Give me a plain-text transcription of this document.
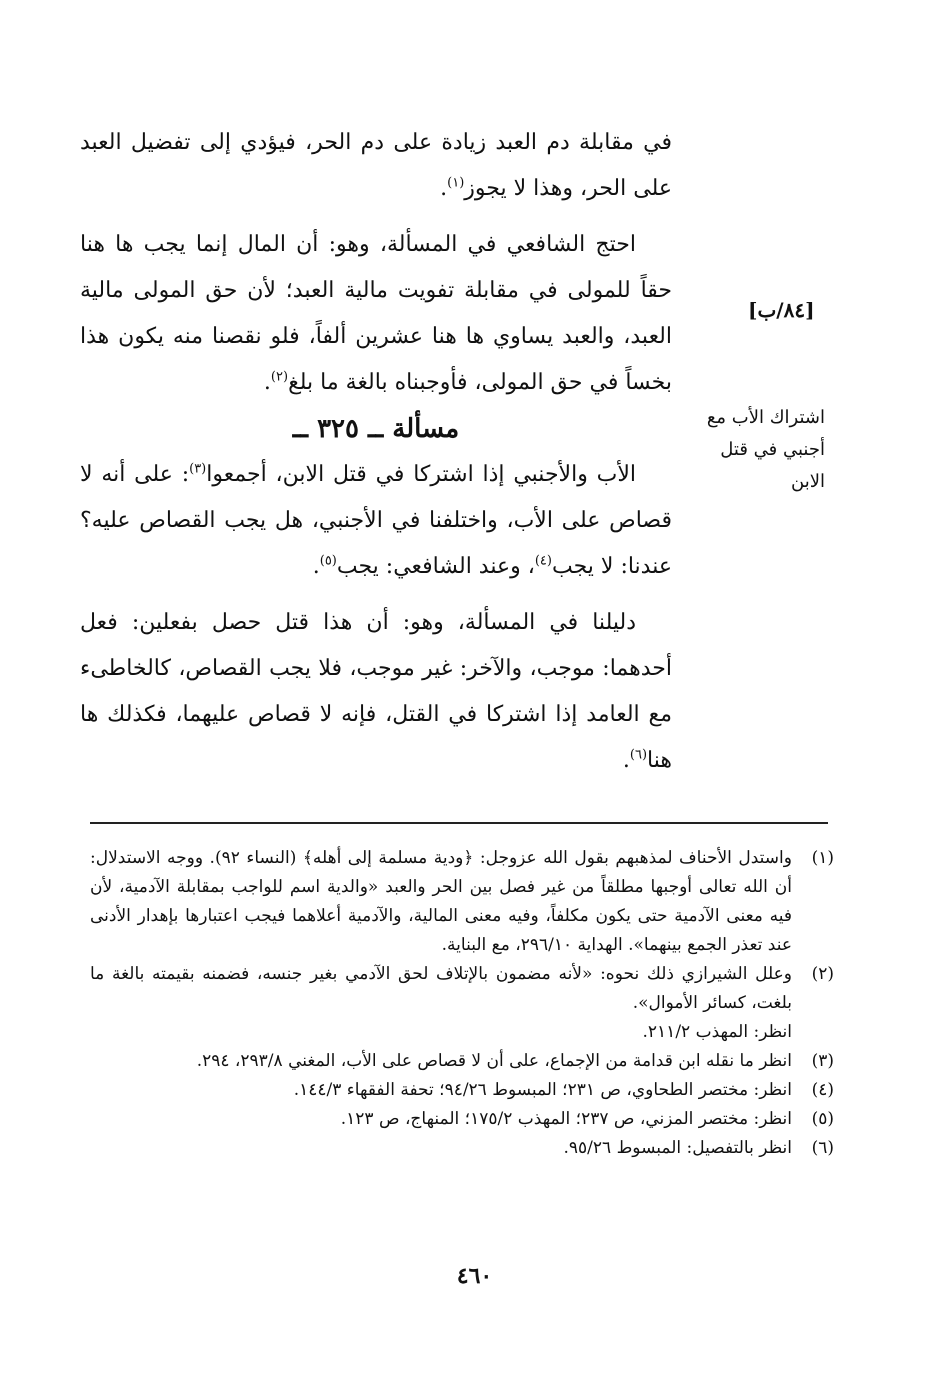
في مقابلة دم العبد زيادة على دم الحر، فيؤدي إلى تفضيل العبد على الحر، وهذا لا يجوز$^{(١)}$.

احتج الشافعي في المسألة، وهو: أن المال إنما يجب ها هنا حقاً للمولى في مقابلة تفويت مالية العبد؛ لأن حق المولى مالية العبد، والعبد يساوي ها هنا عشرين ألفاً، فلو نقصنا منه يكون هذا بخساً في حق المولى، فأوجبناه بالغة ما بلغ$^{(٢)}$.

مسألة ــ ٣٢٥ ــ

الأب والأجنبي إذا اشتركا في قتل الابن، أجمعوا$^{(٣)}$: على أنه لا قصاص على الأب، واختلفنا في الأجنبي، هل يجب القصاص عليه؟ عندنا: لا يجب$^{(٤)}$، وعند الشافعي: يجب$^{(٥)}$.

دليلنا في المسألة، وهو: أن هذا قتل حصل بفعلين: فعل أحدهما: موجب، والآخر: غير موجب، فلا يجب القصاص، كالخاطىء مع العامد إذا اشتركا في القتل، فإنه لا قصاص عليهما، فكذلك ها هنا$^{(٦)}$.

[٨٤/ب]
اشتراك الأب مع أجنبي في قتل الابن
(١)
واستدل الأحناف لمذهبهم بقول الله عزوجل: ﴿ودية مسلمة إلى أهله﴾ (النساء ٩٢). ووجه الاستدلال: أن الله تعالى أوجبها مطلقاً من غير فصل بين الحر والعبد «والدية اسم للواجب بمقابلة الآدمية، لأن فيه معنى الآدمية حتى يكون مكلفاً، وفيه معنى المالية، والآدمية أعلاهما فيجب اعتبارها بإهدار الأدنى عند تعذر الجمع بينهما». الهداية ٢٩٦/١٠، مع البناية.
(٢)
وعلل الشيرازي ذلك نحوه: «لأنه مضمون بالإتلاف لحق الآدمي بغير جنسه، فضمنه بقيمته بالغة ما بلغت، كسائر الأموال».
انظر: المهذب ٢١١/٢.
(٣)
انظر ما نقله ابن قدامة من الإجماع، على أن لا قصاص على الأب، المغني ٢٩٣/٨، ٢٩٤.
(٤)
انظر: مختصر الطحاوي، ص ٢٣١؛ المبسوط ٩٤/٢٦؛ تحفة الفقهاء ١٤٤/٣.
(٥)
انظر: مختصر المزني، ص ٢٣٧؛ المهذب ١٧٥/٢؛ المنهاج، ص ١٢٣.
(٦)
انظر بالتفصيل: المبسوط ٩٥/٢٦.
٤٦٠
